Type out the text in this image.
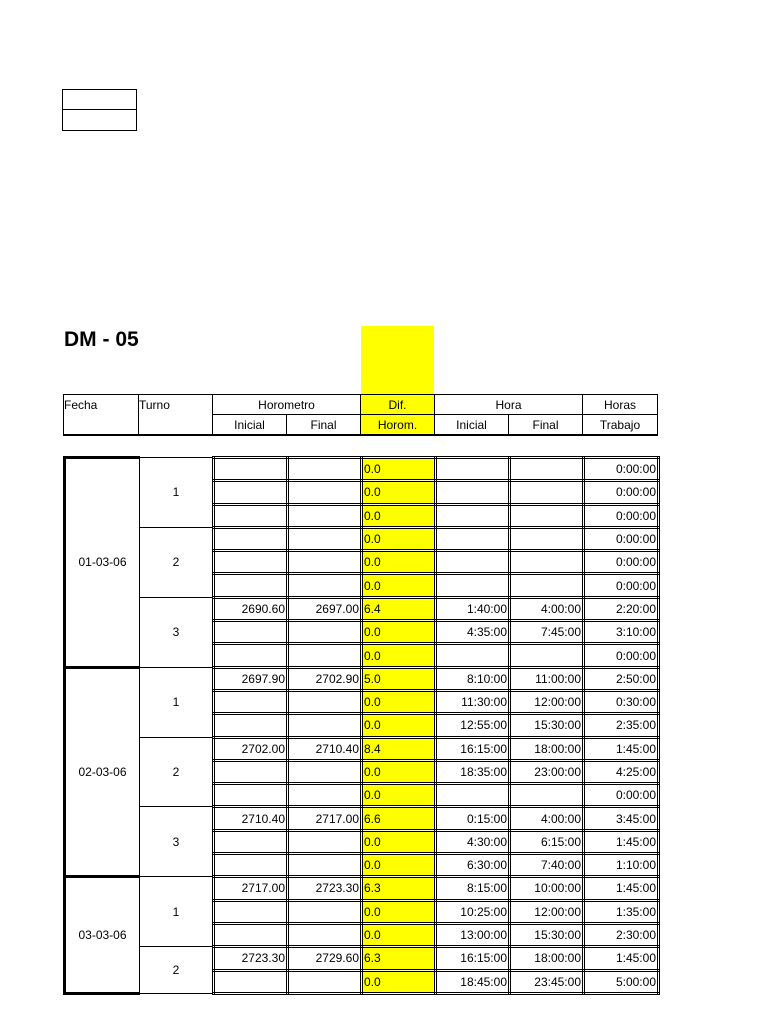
DM - 05
Fecha	Turno	Horometro		Dif.	Hora		Horas
		Inicial	Final	Horom.	Inicial	Final	Trabajo
01-03-06	1			0.0			0:00:00
				0.0			0:00:00
				0.0			0:00:00
	2			0.0			0:00:00
				0.0			0:00:00
				0.0			0:00:00
	3	2690.60	2697.00	6.4	1:40:00	4:00:00	2:20:00
				0.0	4:35:00	7:45:00	3:10:00
				0.0			0:00:00
02-03-06	1	2697.90	2702.90	5.0	8:10:00	11:00:00	2:50:00
				0.0	11:30:00	12:00:00	0:30:00
				0.0	12:55:00	15:30:00	2:35:00
	2	2702.00	2710.40	8.4	16:15:00	18:00:00	1:45:00
				0.0	18:35:00	23:00:00	4:25:00
				0.0			0:00:00
	3	2710.40	2717.00	6.6	0:15:00	4:00:00	3:45:00
				0.0	4:30:00	6:15:00	1:45:00
				0.0	6:30:00	7:40:00	1:10:00
03-03-06	1	2717.00	2723.30	6.3	8:15:00	10:00:00	1:45:00
				0.0	10:25:00	12:00:00	1:35:00
				0.0	13:00:00	15:30:00	2:30:00
	2	2723.30	2729.60	6.3	16:15:00	18:00:00	1:45:00
				0.0	18:45:00	23:45:00	5:00:00
